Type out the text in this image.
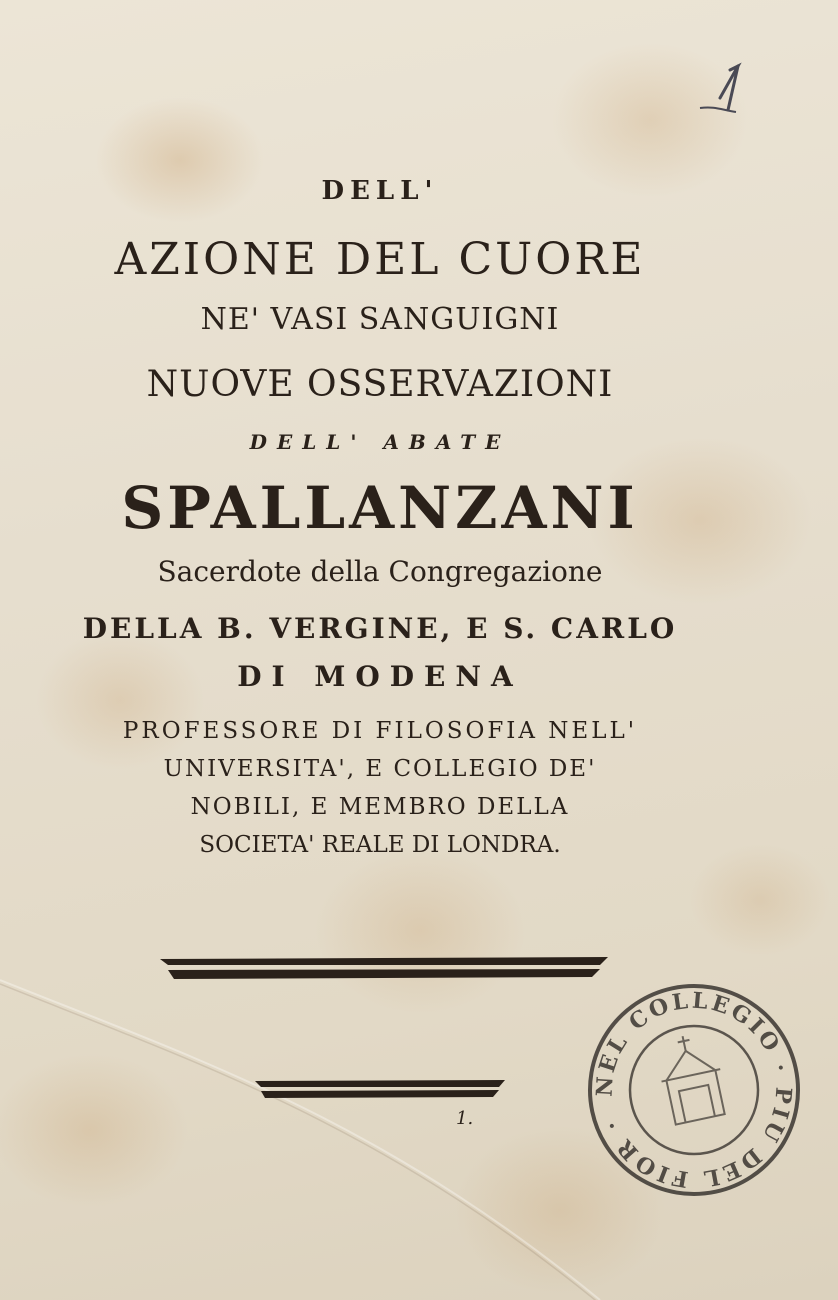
DELL'
AZIONE DEL CUORE
NE' VASI SANGUIGNI
NUOVE OSSERVAZIONI
DELL' ABATE
SPALLANZANI
Sacerdote della Congregazione
DELLA B. VERGINE, E S. CARLO
DI MODENA
PROFESSORE DI FILOSOFIA NELL'
UNIVERSITA', E COLLEGIO DE'
NOBILI, E MEMBRO DELLA
SOCIETA' REALE DI LONDRA.
1.
NEL COLLEGIO · PIU DEL FIOR ·
